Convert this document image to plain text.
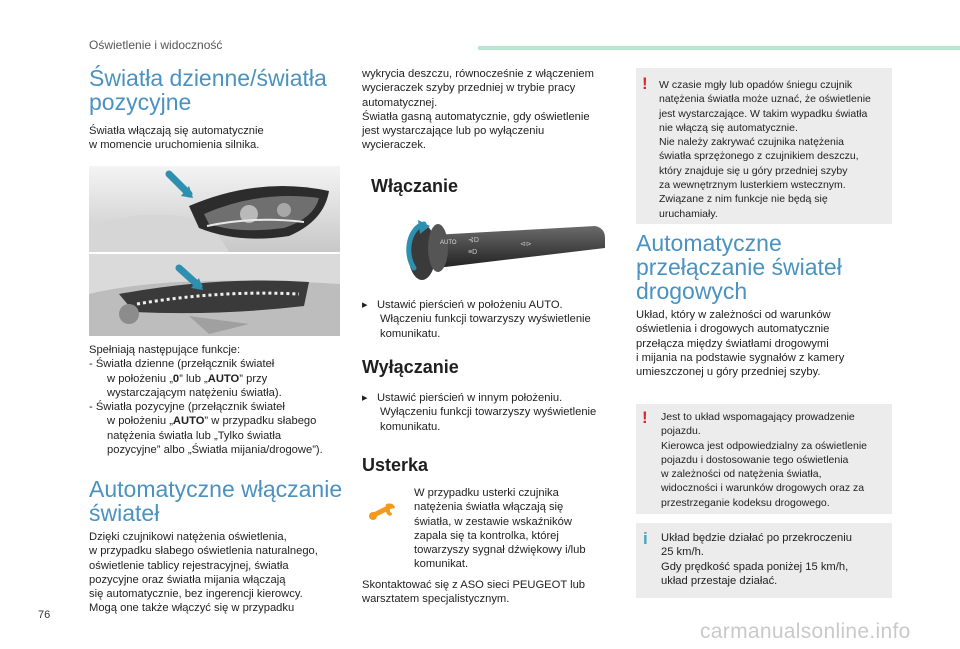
Oświetlenie i widoczność
Światła dzienne/światła
pozycyjne
Światła włączają się automatycznie
w momencie uruchomienia silnika.
Spełniają następujące funkcje:
- Światła dzienne (przełącznik świateł
w położeniu „0” lub „AUTO” przy
wystarczającym natężeniu światła).
- Światła pozycyjne (przełącznik świateł
w położeniu „AUTO” w przypadku słabego
natężenia światła lub „Tylko światła
pozycyjne” albo „Światła mijania/drogowe”).
Automatyczne włączanie
świateł
Dzięki czujnikowi natężenia oświetlenia,
w przypadku słabego oświetlenia naturalnego,
oświetlenie tablicy rejestracyjnej, światła
pozycyjne oraz światła mijania włączają
się automatycznie, bez ingerencji kierowcy.
Mogą one także włączyć się w przypadku
wykrycia deszczu, równocześnie z włączeniem
wycieraczek szyby przedniej w trybie pracy
automatycznej.
Światła gasną automatycznie, gdy oświetlenie
jest wystarczające lub po wyłączeniu
wycieraczek.
Włączanie
AUTO ⊰D
≡D
⊲⊳
▸ Ustawić pierścień w położeniu AUTO.
Włączeniu funkcji towarzyszy wyświetlenie
komunikatu.
Wyłączanie
▸ Ustawić pierścień w innym położeniu.
Wyłączeniu funkcji towarzyszy wyświetlenie
komunikatu.
Usterka
W przypadku usterki czujnika
natężenia światła włączają się
światła, w zestawie wskaźników
zapala się ta kontrolka, której
towarzyszy sygnał dźwiękowy i/lub
komunikat.
Skontaktować się z ASO sieci PEUGEOT lub
warsztatem specjalistycznym.
! W czasie mgły lub opadów śniegu czujnik
natężenia światła może uznać, że oświetlenie
jest wystarczające. W takim wypadku światła
nie włączą się automatycznie.
Nie należy zakrywać czujnika natężenia
światła sprzężonego z czujnikiem deszczu,
który znajduje się u góry przedniej szyby
za wewnętrznym lusterkiem wstecznym.
Związane z nim funkcje nie będą się
uruchamiały.
Automatyczne
przełączanie świateł
drogowych
Układ, który w zależności od warunków
oświetlenia i drogowych automatycznie
przełącza między światłami drogowymi
i mijania na podstawie sygnałów z kamery
umieszczonej u góry przedniej szyby.
! Jest to układ wspomagający prowadzenie
pojazdu.
Kierowca jest odpowiedzialny za oświetlenie
pojazdu i dostosowanie tego oświetlenia
w zależności od natężenia światła,
widoczności i warunków drogowych oraz za
przestrzeganie kodeksu drogowego.
i Układ będzie działać po przekroczeniu
25 km/h.
Gdy prędkość spada poniżej 15 km/h,
układ przestaje działać.
76
carmanualsonline.info
